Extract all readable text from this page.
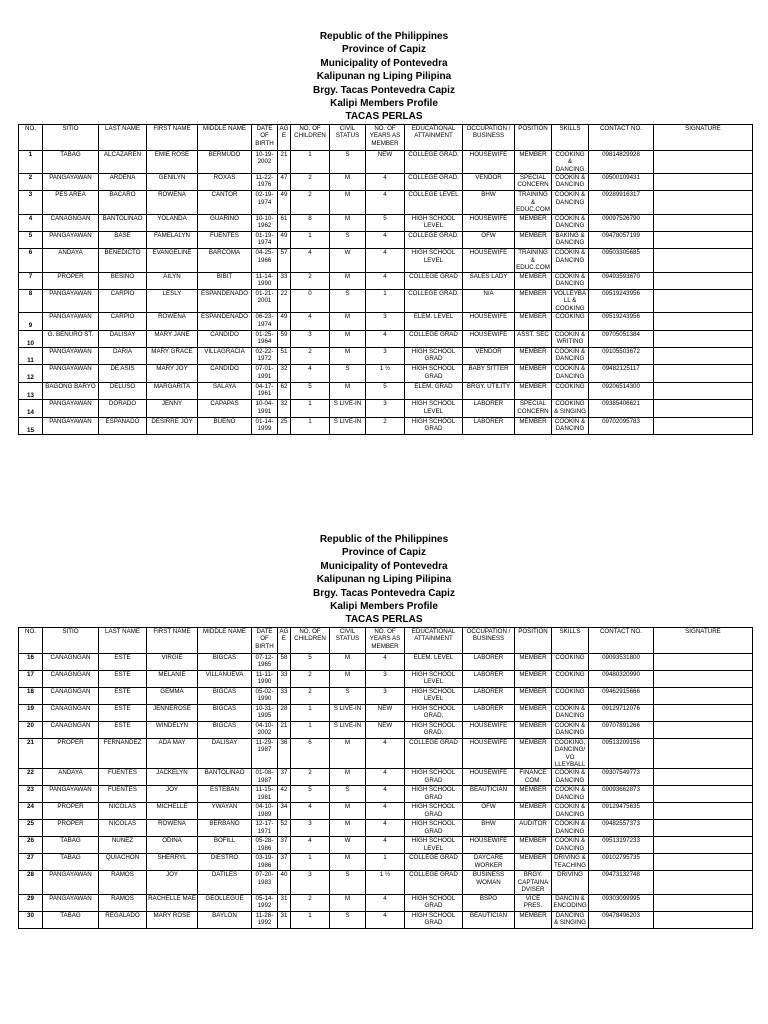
Republic of the Philippines
Province of Capiz
Municipality of Pontevedra
Kalipunan ng Liping Pilipina
Brgy. Tacas Pontevedra Capiz
Kalipi Members Profile
TACAS PERLAS
NO.	SITIO	LAST NAME	FIRST NAME	MIDDLE NAME	DATE OF BIRTH	AGE	NO. OF CHILDREN	CIVIL STATUS	NO. OF YEARS AS MEMBER	EDUCATIONAL ATTAINMENT	OCCUPATION / BUSINESS	POSITION	SKILLS	CONTACT NO.	SIGNATURE
1	TABAG	ALCAZAREN	EMIE ROSE	BERMUDO	10-19-2002	21	1	S	NEW	COLLEGE GRAD.	HOUSEWIFE	MEMBER	COOKING & DANCING	09814829928	
2	PANGAYAWAN	ARDEÑA	GENILYN	ROXAS	11-22-1976	47	2	M	4	COLLEGE GRAD.	VENDOR	SPECIAL CONCERN	COOKIN & DANCING	09500109431	
3	PES AREA	BACARO	ROWENA	CANTOR	02-19-1974	49	2	M	4	COLLEGE LEVEL	BHW	TRAINING & EDUC.COM	COOKIN & DANCING	09289916317	
4	CANAGNGAN	BANTOLINAO	YOLANDA	GUARINO	10-10-1962	61	8	M	5	HIGH SCHOOL LEVEL	HOUSEWIFE	MEMBER	COOKIN & DANCING	09097526790	
5	PANGAYAWAN	BASE	FAMELALYN	FUENTES	01-19-1974	49	1	S	4	COLLEGE GRAD.	OFW	MEMBER	BAKING & DANCING	09478057199	
6	ANDAYA	BENEDICTO	EVANGELINE	BARCOMA	04-25-1966	57	4	W	4	HIGH SCHOOL LEVEL	HOUSEWIFE	TRAINING & EDUC.COM	COOKIN & DANCING	09503305685	
7	PROPER	BESIÑO	AILYN	BIBIT	11-14-1990	33	2	M	4	COLLEGE GRAD	SALES LADY	MEMBER	COOKIN & DANCING	09493593670	
8	PANGAYAWAN	CARPIO	LESLY	ESPANDEÑADO	01-21-2001	22	0	S	1	COLLEGE GRAD.	N/A	MEMBER	VOLLEYBALL & COOKING	09519243956	
9	PANGAYAWAN	CARPIO	ROWENA	ESPANDEÑADO	06-23-1974	49	4	M	3	ELEM. LEVEL	HOUSEWIFE	MEMBER	COOKING	09519243956	
10	G. BENURO ST.	DALISAY	MARY JANE	CANDIDO	01-25-1964	59	3	M	4	COLLEGE GRAD	HOUSEWIFE	ASST. SEC	COOKIN & WRITING	09705051384	
11	PANGAYAWAN	DARIA	MARY GRACE	VILLAGRACIA	02-22-1972	51	2	M	3	HIGH SCHOOL GRAD	VENDOR	MEMBER	COOKIN & DANCING	09105503672	
12	PANGAYAWAN	DE ASIS	MARY JOY	CANDIDO	07-01-1991	32	4	S	1 ½	HIGH SCHOOL GRAD	BABY SITTER	MEMBER	COOKIN & DANCING	09482125117	
13	BAGONG BARYO	DELUSO	MARGARITA	SALAYA	04-17-1961	62	5	M	5	ELEM. GRAD	BRGY. UTILITY	MEMBER	COOKING	09206514300	
14	PANGAYAWAN	DORADO	JENNY	CAPAPAS	10-04-1991	32	1	S LIVE-IN	3	HIGH SCHOOL LEVEL	LABORER	SPECIAL CONCERN	COOKING & SINGING	09385406621	
15	PANGAYAWAN	ESPAÑADO	DESIRRE JOY	BUENO	01-14-1999	25	1	S LIVE-IN	2	HIGH SCHOOL GRAD	LABORER	MEMBER	COOKIN & DANCING	09702095783	
Republic of the Philippines
Province of Capiz
Municipality of Pontevedra
Kalipunan ng Liping Pilipina
Brgy. Tacas Pontevedra Capiz
Kalipi Members Profile
TACAS PERLAS
NO.	SITIO	LAST NAME	FIRST NAME	MIDDLE NAME	DATE OF BIRTH	AGE	NO. OF CHILDREN	CIVIL STATUS	NO. OF YEARS AS MEMBER	EDUCATIONAL ATTAINMENT	OCCUPATION / BUSINESS	POSITION	SKILLS	CONTACT NO.	SIGNATURE
16	CANAGNGAN	ESTE	VIRGIE	BIGCAS	07-12-1965	58	5	M	4	ELEM. LEVEL	LABORER	MEMBER	COOKING	09093531800	
17	CANAGNGAN	ESTE	MELANIE	VILLANUEVA	11-11-1990	33	2	M	3	HIGH SCHOOL LEVEL	LABORER	MEMBER	COOKING	09480320990	
18	CANAGNGAN	ESTE	GEMMA	BIGCAS	05-02-1990	33	2	S	3	HIGH SCHOOL LEVEL	LABORER	MEMBER	COOKING	09462915666	
19	CANAGNGAN	ESTE	JENNEROSE	BIGCAS	10-31-1995	28	1	S LIVE-IN	NEW	HIGH SCHOOL GRAD.	LABORER	MEMBER	COOKIN & DANCING	09129712076	
20	CANAGNGAN	ESTE	WINDELYN	BIGCAS	04-10-2002	21	1	S LIVE-IN	NEW	HIGH SCHOOL GRAD.	HOUSEWIFE	MEMBER	COOKIN & DANCING	09707891266	
21	PROPER	FERNANDEZ	ADA MAY	DALISAY	11-29-1987	36	6	M	4	COLLEGE GRAD	HOUSEWIFE	MEMBER	COOKING, DANCING/VO LLEYBALL	09513209156	
22	ANDAYA	FUENTES	JACKELYN	BANTOLINAO	01-08-1987	37	2	M	4	HIGH SCHOOL GRAD	HOUSEWIFE	FINANCE COM.	COOKIN & DANCING	09307549773	
23	PANGAYAWAN	FUENTES	JOY	ESTEBAN	11-15-1981	42	5	S	4	HIGH SCHOOL GRAD	BEAUTICIAN	MEMBER	COOKIN & DANCING	09093662873	
24	PROPER	NICOLAS	MICHELLE	YWAYAN	04-10-1989	34	4	M	4	HIGH SCHOOL GRAD	OFW	MEMBER	COOKIN & DANCING	09129475635	
25	PROPER	NICOLAS	ROWENA	BERBAÑO	12-17-1971	52	3	M	4	HIGH SCHOOL GRAD	BHW	AUDITOR	COOKIN & DANCING	09482557373	
26	TABAG	NUÑEZ	ODINA	BOFILL	05-28-1986	37	4	W	4	HIGH SCHOOL LEVEL	HOUSEWIFE	MEMBER	COOKIN & DANCING	09513197233	
27	TABAG	QUIACHON	SHERRYL	DIESTRO	03-19-1986	37	1	M	1	COLLEGE GRAD	DAYCARE WORKER	MEMBER	DRIVING & TEACHING	09102795735	
28	PANGAYAWAN	RAMOS	JOY	DATILES	07-20-1983	40	3	S	1 ½	COLLEGE GRAD	BUSINESS WOMAN	BRGY. CAPTAINA DVISER	DRIVING	09473132748	
29	PANGAYAWAN	RAMOS	RACHELLE MAE	GEOLLEGUE	05-14-1992	31	2	M	4	HIGH SCHOOL GRAD	BSPO	VICE PRES.	DANCIN & ENCODING	09303099995	
30	TABAG	REGALADO	MARY ROSE	BAYLON	11-28-1992	31	1	S	4	HIGH SCHOOL GRAD	BEAUTICIAN	MEMBER	DANCING & SINGING	09478496203	
